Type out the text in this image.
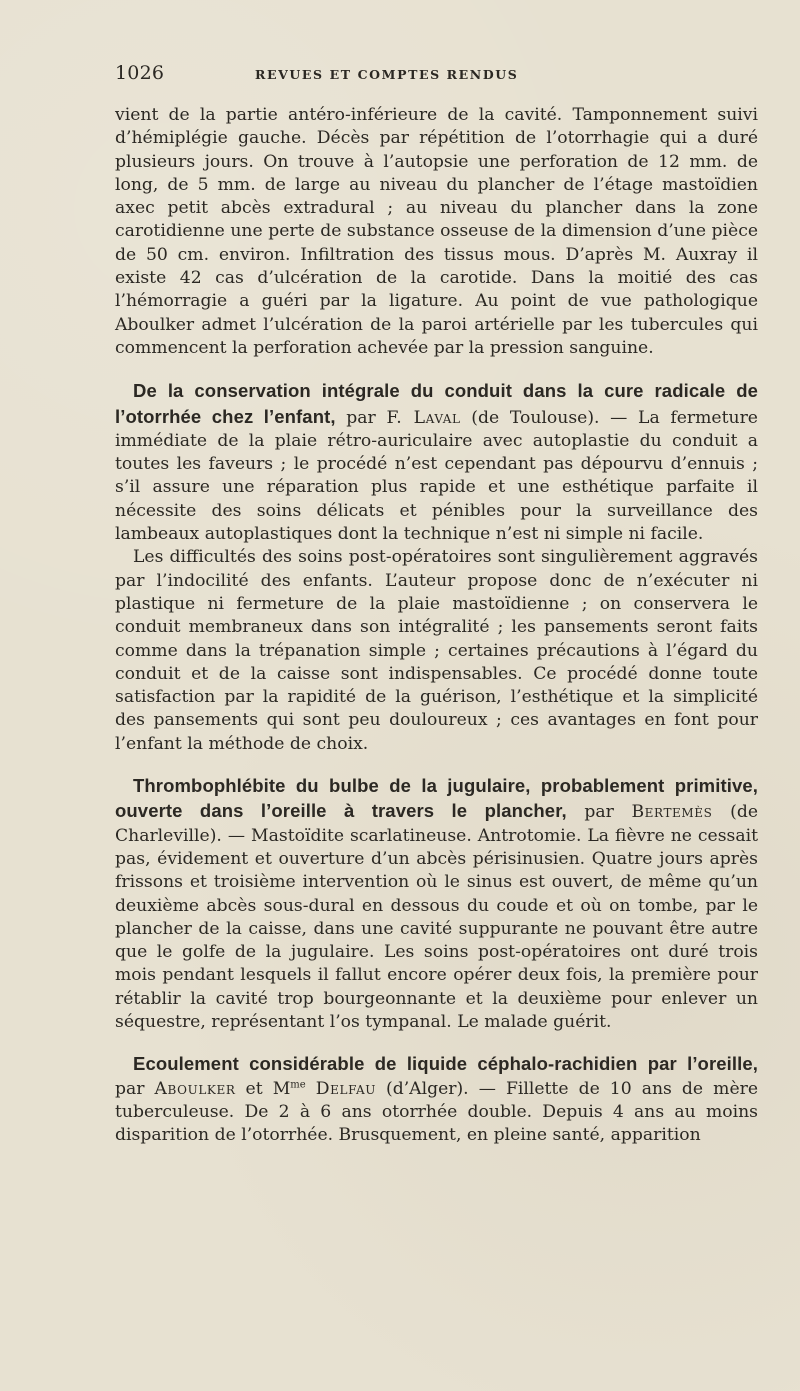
1026	REVUES ET COMPTES RENDUS

vient de la partie antéro-inférieure de la cavité. Tamponnement suivi d’hémiplégie gauche. Décès par répétition de l’otorrhagie qui a duré plusieurs jours. On trouve à l’autopsie une perforation de 12 mm. de long, de 5 mm. de large au niveau du plancher de l’étage mastoïdien axec petit abcès extradural ; au niveau du plancher dans la zone carotidienne une perte de substance osseuse de la dimension d’une pièce de 50 cm. environ. Infiltration des tissus mous. D’après M. Auxray il existe 42 cas d’ulcération de la carotide. Dans la moitié des cas l’hémorragie a guéri par la ligature. Au point de vue pathologique Aboulker admet l’ulcération de la paroi artérielle par les tubercules qui commencent la perforation achevée par la pression sanguine.

De la conservation intégrale du conduit dans la cure radicale de l’otorrhée chez l’enfant, par F. Laval (de Toulouse). — La fermeture immédiate de la plaie rétro-auriculaire avec autoplastie du conduit a toutes les faveurs ; le procédé n’est cependant pas dépourvu d’ennuis ; s’il assure une réparation plus rapide et une esthétique parfaite il nécessite des soins délicats et pénibles pour la surveillance des lambeaux autoplastiques dont la technique n’est ni simple ni facile.

Les difficultés des soins post-opératoires sont singulièrement aggravés par l’indocilité des enfants. L’auteur propose donc de n’exécuter ni plastique ni fermeture de la plaie mastoïdienne ; on conservera le conduit membraneux dans son intégralité ; les pansements seront faits comme dans la trépanation simple ; certaines précautions à l’égard du conduit et de la caisse sont indispensables. Ce procédé donne toute satisfaction par la rapidité de la guérison, l’esthétique et la simplicité des pansements qui sont peu douloureux ; ces avantages en font pour l’enfant la méthode de choix.

Thrombophlébite du bulbe de la jugulaire, probablement primitive, ouverte dans l’oreille à travers le plancher, par Bertemès (de Charleville). — Mastoïdite scarlatineuse. Antrotomie. La fièvre ne cessait pas, évidement et ouverture d’un abcès périsinusien. Quatre jours après frissons et troisième intervention où le sinus est ouvert, de même qu’un deuxième abcès sous-dural en dessous du coude et où on tombe, par le plancher de la caisse, dans une cavité suppurante ne pouvant être autre que le golfe de la jugulaire. Les soins post-opératoires ont duré trois mois pendant lesquels il fallut encore opérer deux fois, la première pour rétablir la cavité trop bourgeonnante et la deuxième pour enlever un séquestre, représentant l’os tympanal. Le malade guérit.

Ecoulement considérable de liquide céphalo-rachidien par l’oreille, par Aboulker et $M^{me}$ Delfau (d’Alger). — Fillette de 10 ans de mère tuberculeuse. De 2 à 6 ans otorrhée double. Depuis 4 ans au moins disparition de l’otorrhée. Brusquement, en pleine santé, apparition
